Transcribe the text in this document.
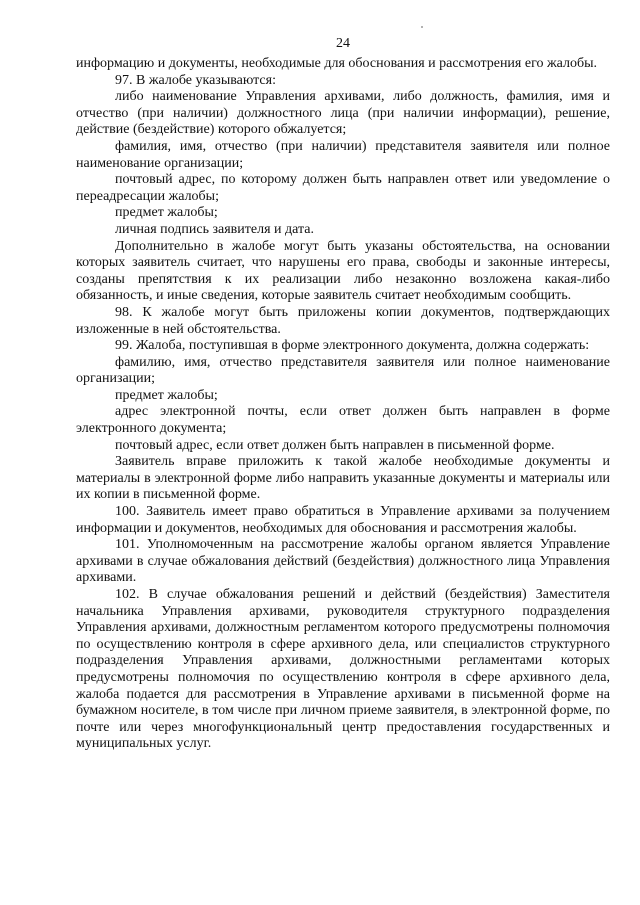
24

информацию и документы, необходимые для обоснования и рассмотрения его жалобы.

97. В жалобе указываются:

либо наименование Управления архивами, либо должность, фамилия, имя и отчество (при наличии) должностного лица (при наличии информации), решение, действие (бездействие) которого обжалуется;

фамилия, имя, отчество (при наличии) представителя заявителя или полное наименование организации;

почтовый адрес, по которому должен быть направлен ответ или уведомление о переадресации жалобы;

предмет жалобы;

личная подпись заявителя и дата.

Дополнительно в жалобе могут быть указаны обстоятельства, на основании которых заявитель считает, что нарушены его права, свободы и законные интересы, созданы препятствия к их реализации либо незаконно возложена какая-либо обязанность, и иные сведения, которые заявитель считает необходимым сообщить.

98. К жалобе могут быть приложены копии документов, подтверждающих изложенные в ней обстоятельства.

99. Жалоба, поступившая в форме электронного документа, должна содержать:

фамилию, имя, отчество представителя заявителя или полное наименование организации;

предмет жалобы;

адрес электронной почты, если ответ должен быть направлен в форме электронного документа;

почтовый адрес, если ответ должен быть направлен в письменной форме.

Заявитель вправе приложить к такой жалобе необходимые документы и материалы в электронной форме либо направить указанные документы и материалы или их копии в письменной форме.

100. Заявитель имеет право обратиться в Управление архивами за получением информации и документов, необходимых для обоснования и рассмотрения жалобы.

101. Уполномоченным на рассмотрение жалобы органом является Управление архивами в случае обжалования действий (бездействия) должностного лица Управления архивами.

102. В случае обжалования решений и действий (бездействия) Заместителя начальника Управления архивами, руководителя структурного подразделения Управления архивами, должностным регламентом которого предусмотрены полномочия по осуществлению контроля в сфере архивного дела, или специалистов структурного подразделения Управления архивами, должностными регламентами которых предусмотрены полномочия по осуществлению контроля в сфере архивного дела, жалоба подается для рассмотрения в Управление архивами в письменной форме на бумажном носителе, в том числе при личном приеме заявителя, в электронной форме, по почте или через многофункциональный центр предоставления государственных и муниципальных услуг.
